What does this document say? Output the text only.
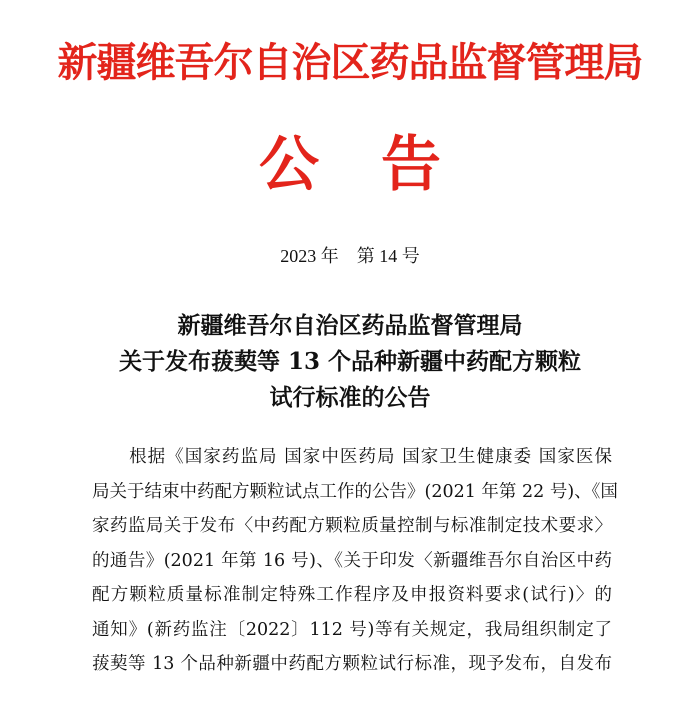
新疆维吾尔自治区药品监督管理局
公 告
2023 年　第 14 号
新疆维吾尔自治区药品监督管理局
关于发布菝葜等 13 个品种新疆中药配方颗粒
试行标准的公告
　　根据《国家药监局 国家中医药局 国家卫生健康委 国家医保
局关于结束中药配方颗粒试点工作的公告》(2021 年第 22 号)、《国
家药监局关于发布〈中药配方颗粒质量控制与标准制定技术要求〉
的通告》(2021 年第 16 号)、《关于印发〈新疆维吾尔自治区中药
配方颗粒质量标准制定特殊工作程序及申报资料要求(试行)〉的
通知》(新药监注〔2022〕112 号)等有关规定，我局组织制定了
菝葜等 13 个品种新疆中药配方颗粒试行标准，现予发布，自发布
